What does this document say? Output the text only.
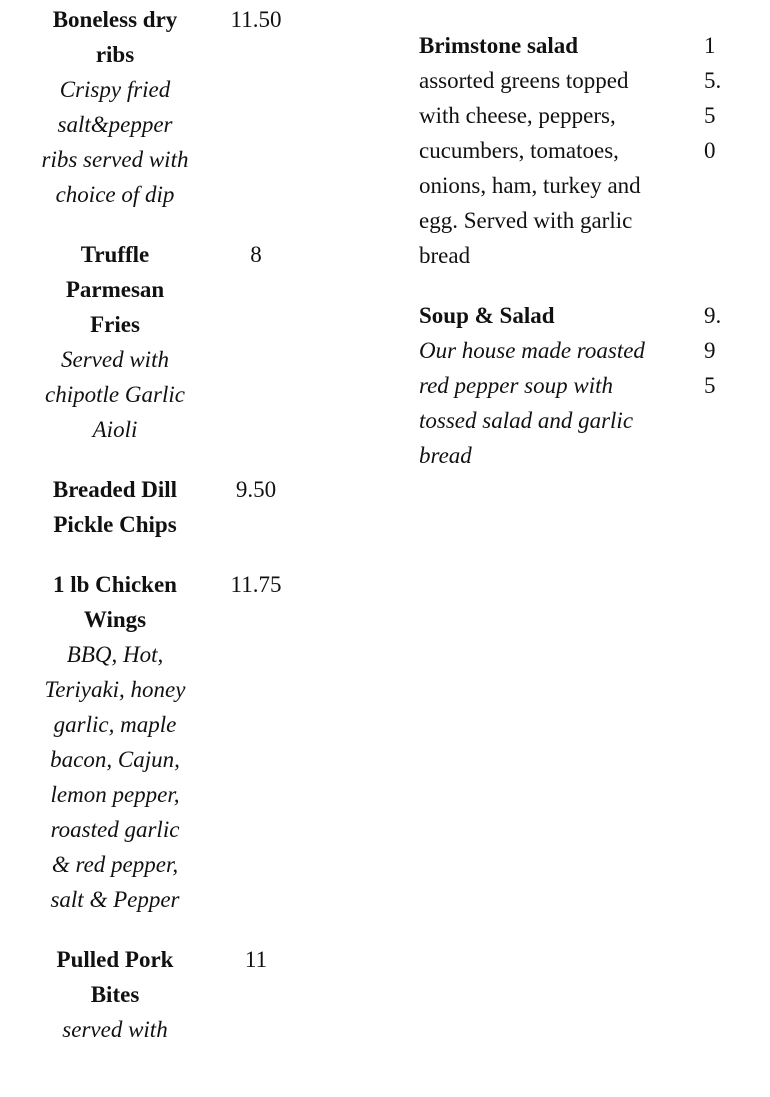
Boneless dry ribs
Crispy fried salt&pepper ribs served with choice of dip
11.50
Truffle Parmesan Fries
Served with chipotle Garlic Aioli
8
Breaded Dill Pickle Chips
9.50
1 lb Chicken Wings
BBQ, Hot, Teriyaki, honey garlic, maple bacon, Cajun, lemon pepper, roasted garlic & red pepper, salt & Pepper
11.75
Pulled Pork Bites
served with
11
Brimstone salad
assorted greens topped with cheese, peppers, cucumbers, tomatoes, onions, ham, turkey and egg. Served with garlic bread
15.50
Soup & Salad
Our house made roasted red pepper soup with tossed salad and garlic bread
9.95
